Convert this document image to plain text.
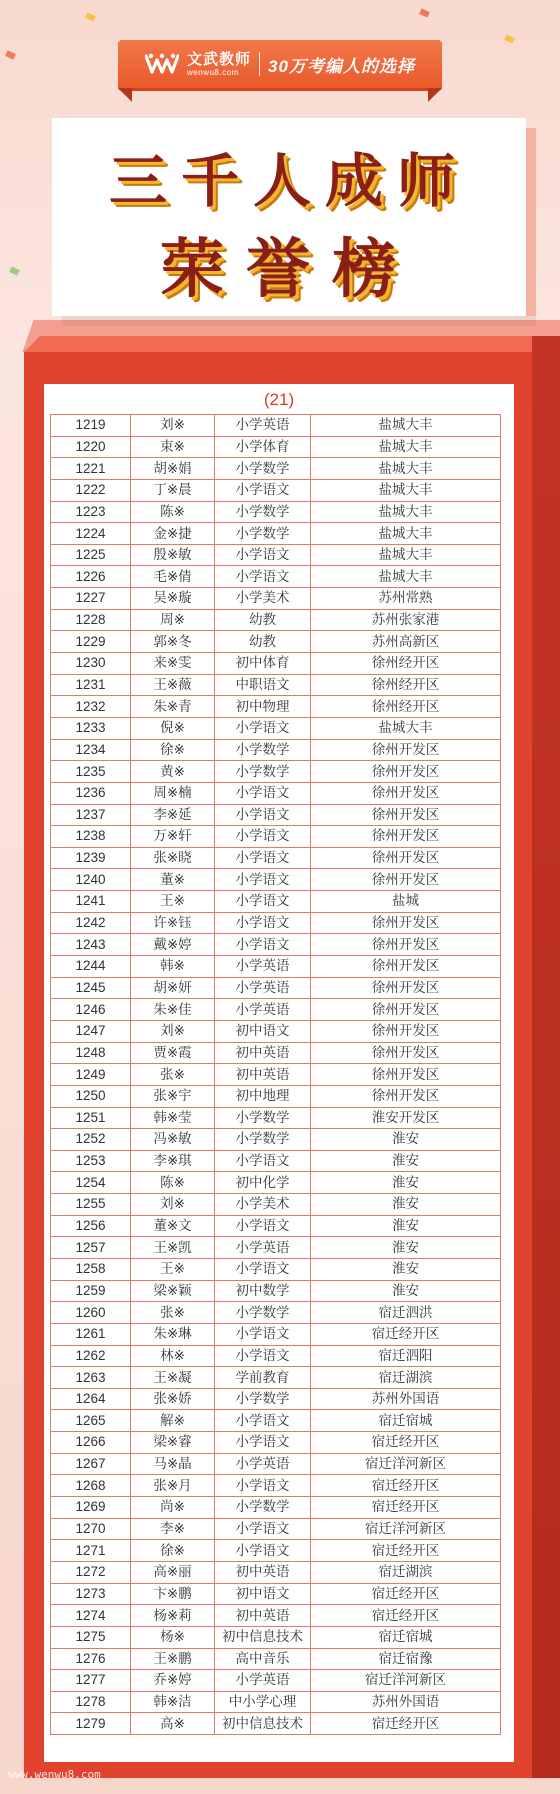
文武教师
wenwu8.com	30万考编人的选择
三千人成师
荣誉榜
(21)
1219	刘※	小学英语	盐城大丰
1220	束※	小学体育	盐城大丰
1221	胡※娟	小学数学	盐城大丰
1222	丁※晨	小学语文	盐城大丰
1223	陈※	小学数学	盐城大丰
1224	金※捷	小学数学	盐城大丰
1225	殷※敏	小学语文	盐城大丰
1226	毛※倩	小学语文	盐城大丰
1227	吴※璇	小学美术	苏州常熟
1228	周※	幼教	苏州张家港
1229	郭※冬	幼教	苏州高新区
1230	来※雯	初中体育	徐州经开区
1231	王※薇	中职语文	徐州经开区
1232	朱※青	初中物理	徐州经开区
1233	倪※	小学语文	盐城大丰
1234	徐※	小学数学	徐州开发区
1235	黄※	小学数学	徐州开发区
1236	周※楠	小学语文	徐州开发区
1237	李※延	小学语文	徐州开发区
1238	万※轩	小学语文	徐州开发区
1239	张※晓	小学语文	徐州开发区
1240	董※	小学语文	徐州开发区
1241	王※	小学语文	盐城
1242	许※钰	小学语文	徐州开发区
1243	戴※婷	小学语文	徐州开发区
1244	韩※	小学英语	徐州开发区
1245	胡※妍	小学英语	徐州开发区
1246	朱※佳	小学英语	徐州开发区
1247	刘※	初中语文	徐州开发区
1248	贾※霞	初中英语	徐州开发区
1249	张※	初中英语	徐州开发区
1250	张※宇	初中地理	徐州开发区
1251	韩※莹	小学数学	淮安开发区
1252	冯※敏	小学数学	淮安
1253	李※琪	小学语文	淮安
1254	陈※	初中化学	淮安
1255	刘※	小学美术	淮安
1256	董※文	小学语文	淮安
1257	王※凯	小学英语	淮安
1258	王※	小学语文	淮安
1259	梁※颖	初中数学	淮安
1260	张※	小学数学	宿迁泗洪
1261	朱※琳	小学语文	宿迁经开区
1262	林※	小学语文	宿迁泗阳
1263	王※凝	学前教育	宿迁湖滨
1264	张※娇	小学数学	苏州外国语
1265	解※	小学语文	宿迁宿城
1266	梁※睿	小学语文	宿迁经开区
1267	马※晶	小学英语	宿迁洋河新区
1268	张※月	小学语文	宿迁经开区
1269	尚※	小学数学	宿迁经开区
1270	李※	小学语文	宿迁洋河新区
1271	徐※	小学语文	宿迁经开区
1272	高※丽	初中英语	宿迁湖滨
1273	卞※鹏	初中语文	宿迁经开区
1274	杨※莉	初中英语	宿迁经开区
1275	杨※	初中信息技术	宿迁宿城
1276	王※鹏	高中音乐	宿迁宿豫
1277	乔※婷	小学英语	宿迁洋河新区
1278	韩※洁	中小学心理	苏州外国语
1279	高※	初中信息技术	宿迁经开区
www.wenwu8.com
